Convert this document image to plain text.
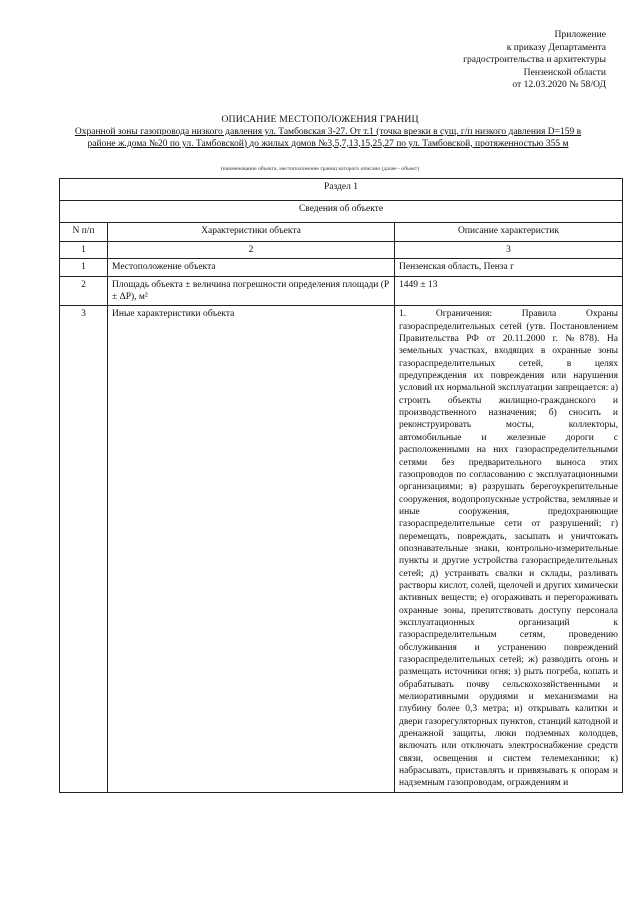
Приложение
к приказу Департамента
градостроительства и архитектуры
Пензенской области
от 12.03.2020 № 58/ОД
ОПИСАНИЕ МЕСТОПОЛОЖЕНИЯ ГРАНИЦ
Охранной зоны газопровода низкого давления ул. Тамбовская 3-27. От т.1 (точка врезки в сущ. г/п низкого давления D=159 в районе ж.дома №20 по ул. Тамбовской) до жилых домов №3,5,7,13,15,25,27 по ул. Тамбовской, протяженностью 355 м
(наименование объекта, местоположение границ которого описано (далее - объект)
Раздел 1		
Сведения об объекте		
N п/п	Характеристики объекта	Описание характеристик
1	2	3
1	Местоположение объекта	Пензенская область, Пенза г
2	Площадь объекта ± величина погрешности определения площади (P ± ΔP), м²	1449 ± 13
3	Иные характеристики объекта	1. Ограничения: Правила Охраны газораспределительных сетей (утв. Постановлением Правительства РФ от 20.11.2000 г. №878). На земельных участках, входящих в охранные зоны газораспределительных сетей, в целях предупреждения их повреждения или нарушения условий их нормальной эксплуатации запрещается: а) строить объекты жилищно-гражданского и производственного назначения; б) сносить и реконструировать мосты, коллекторы, автомобильные и железные дороги с расположенными на них газораспределительными сетями без предварительного выноса этих газопроводов по согласованию с эксплуатационными организациями; в) разрушать берегоукрепительные сооружения, водопропускные устройства, земляные и иные сооружения, предохраняющие газораспределительные сети от разрушений; г) перемещать, повреждать, засыпать и уничтожать опознавательные знаки, контрольно-измерительные пункты и другие устройства газораспределительных сетей; д) устраивать свалки и склады, разливать растворы кислот, солей, щелочей и других химически активных веществ; е) огораживать и перегораживать охранные зоны, препятствовать доступу персонала эксплуатационных организаций к газораспределительным сетям, проведению обслуживания и устранению повреждений газораспределительных сетей; ж) разводить огонь и размещать источники огня; з) рыть погреба, копать и обрабатывать почву сельскохозяйственными и мелиоративными орудиями и механизмами на глубину более 0,3 метра; и) открывать калитки и двери газорегуляторных пунктов, станций катодной и дренажной защиты, люки подземных колодцев, включать или отключать электроснабжение средств связи, освещения и систем телемеханики; к) набрасывать, приставлять и привязывать к опорам и надземным газопроводам, ограждениям и
